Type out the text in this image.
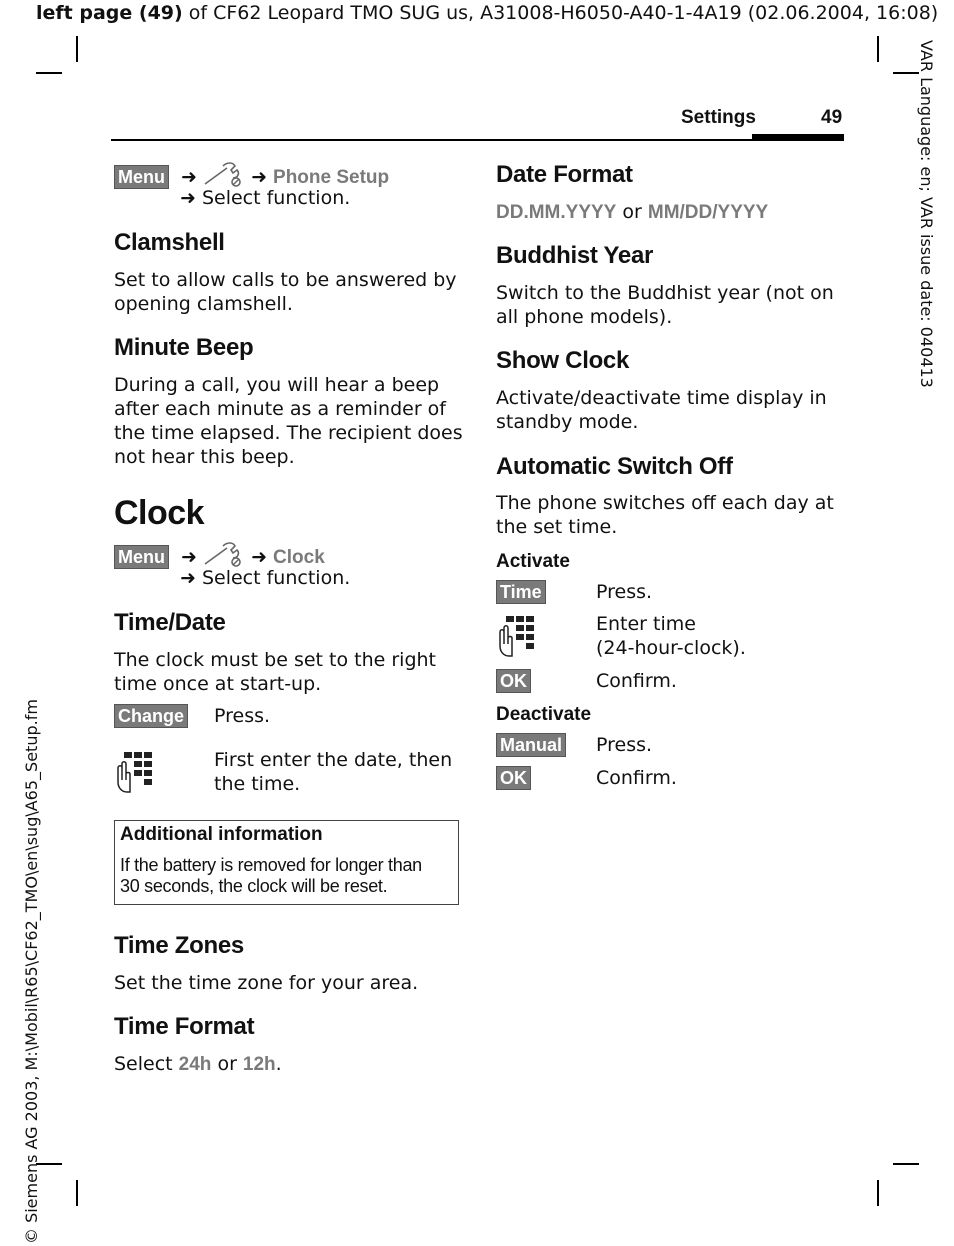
left page (49) of CF62 Leopard TMO SUG us, A31008-H6050-A40-1-4A19 (02.06.2004, 16:08)
VAR Language: en; VAR issue date: 040413
© Siemens AG 2003, M:\Mobil\R65\CF62_TMO\en\sug\A65_Setup.fm
Settings	49
Menu ➜	➜ Phone Setup
➜ Select function.
Clamshell
Set to allow calls to be answered by
opening clamshell.
Minute Beep
During a call, you will hear a beep
after each minute as a reminder of
the time elapsed. The recipient does
not hear this beep.
Clock
Menu ➜	➜ Clock
➜ Select function.
Time/Date
The clock must be set to the right
time once at start-up.
Change Press.
First enter the date, then
the time.
Additional information
If the battery is removed for longer than
30 seconds, the clock will be reset.
Time Zones
Set the time zone for your area.
Time Format
Select 24h or 12h.
Date Format
DD.MM.YYYY or MM/DD/YYYY
Buddhist Year
Switch to the Buddhist year (not on
all phone models).
Show Clock
Activate/deactivate time display in
standby mode.
Automatic Switch Off
The phone switches off each day at
the set time.
Activate
Time	Press.
Enter time
(24-hour-clock).
OK	Confirm.
Deactivate
Manual Press.
OK	Confirm.
